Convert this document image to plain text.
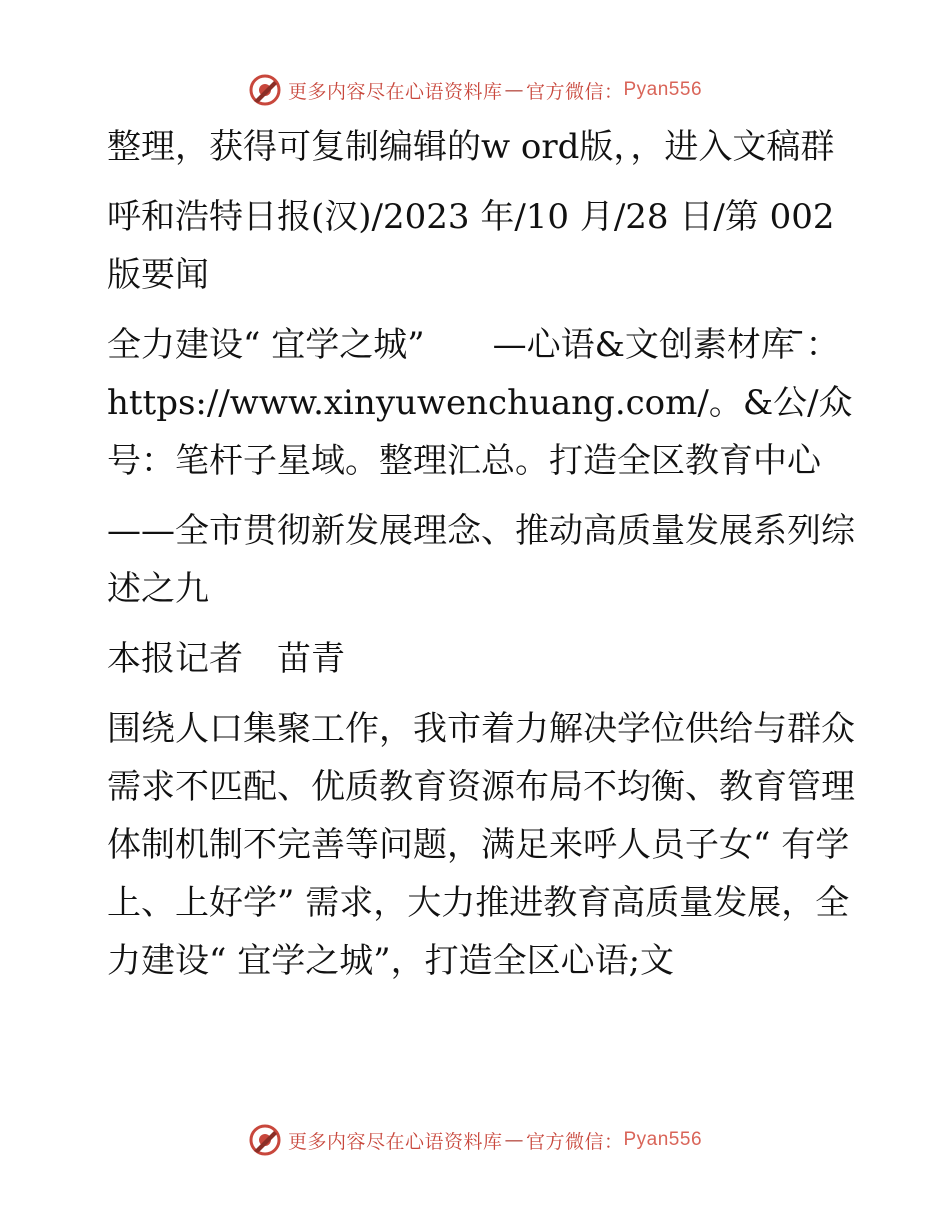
更多内容尽在心语资料库 — 官方微信： Pyan556

整理，获得可复制编辑的w ord版，，进入文稿群

呼和浩特日报(汉)/2023 年/10 月/28 日/第 002 版要闻

全力建设“ 宜学之城”　　—心语&文创素材库 ̄：https://www.xinyuwenchuang.com/。&公/众号：笔杆子星域。整理汇总。打造全区教育中心

——全市贯彻新发展理念、推动高质量发展系列综述之九

本报记者　苗青

围绕人口集聚工作，我市着力解决学位供给与群众需求不匹配、优质教育资源布局不均衡、教育管理体制机制不完善等问题，满足来呼人员子女“ 有学上、上好学” 需求，大力推进教育高质量发展，全力建设“ 宜学之城”，打造全区心语;文

更多内容尽在心语资料库 — 官方微信： Pyan556
